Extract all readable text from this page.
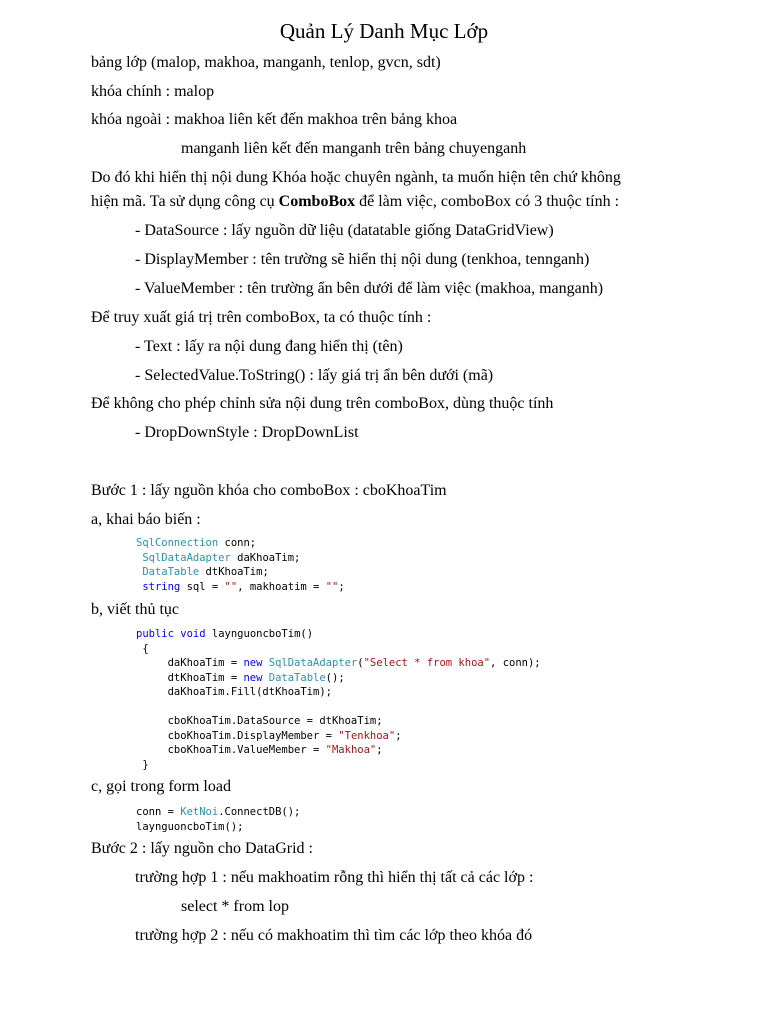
Quản Lý Danh Mục Lớp
bảng lớp (malop, makhoa, manganh, tenlop, gvcn, sdt)
khóa chính : malop
khóa ngoài : makhoa liên kết đến makhoa trên bảng khoa
manganh liên kết đến manganh trên bảng chuyenganh
Do đó khi hiển thị nội dung Khóa hoặc chuyên ngành, ta muốn hiện tên chứ không
hiện mã. Ta sử dụng công cụ ComboBox để làm việc, comboBox có 3 thuộc tính :
- DataSource : lấy nguồn dữ liệu (datatable giống DataGridView)
- DisplayMember : tên trường sẽ hiển thị nội dung (tenkhoa, tennganh)
- ValueMember : tên trường ẩn bên dưới để làm việc (makhoa, manganh)
Để truy xuất giá trị trên comboBox, ta có thuộc tính :
- Text : lấy ra nội dung đang hiển thị (tên)
- SelectedValue.ToString() : lấy giá trị ẩn bên dưới (mã)
Để không cho phép chỉnh sửa nội dung trên comboBox, dùng thuộc tính
- DropDownStyle : DropDownList
Bước 1 : lấy nguồn khóa cho comboBox : cboKhoaTim
a, khai báo biến :
SqlConnection conn;
SqlDataAdapter daKhoaTim;
DataTable dtKhoaTim;
string sql = "", makhoatim = "";
b, viết thủ tục
public void laynguoncboTim()
{
daKhoaTim = new SqlDataAdapter("Select * from khoa", conn);
dtKhoaTim = new DataTable();
daKhoaTim.Fill(dtKhoaTim);

cboKhoaTim.DataSource = dtKhoaTim;
cboKhoaTim.DisplayMember = "Tenkhoa";
cboKhoaTim.ValueMember = "Makhoa";
}
c, gọi trong form load
conn = KetNoi.ConnectDB();
laynguoncboTim();
Bước 2 : lấy nguồn cho DataGrid :
trường hợp 1 : nếu makhoatim rỗng thì hiển thị tất cả các lớp :
select * from lop
trường hợp 2 : nếu có makhoatim thì tìm các lớp theo khóa đó
